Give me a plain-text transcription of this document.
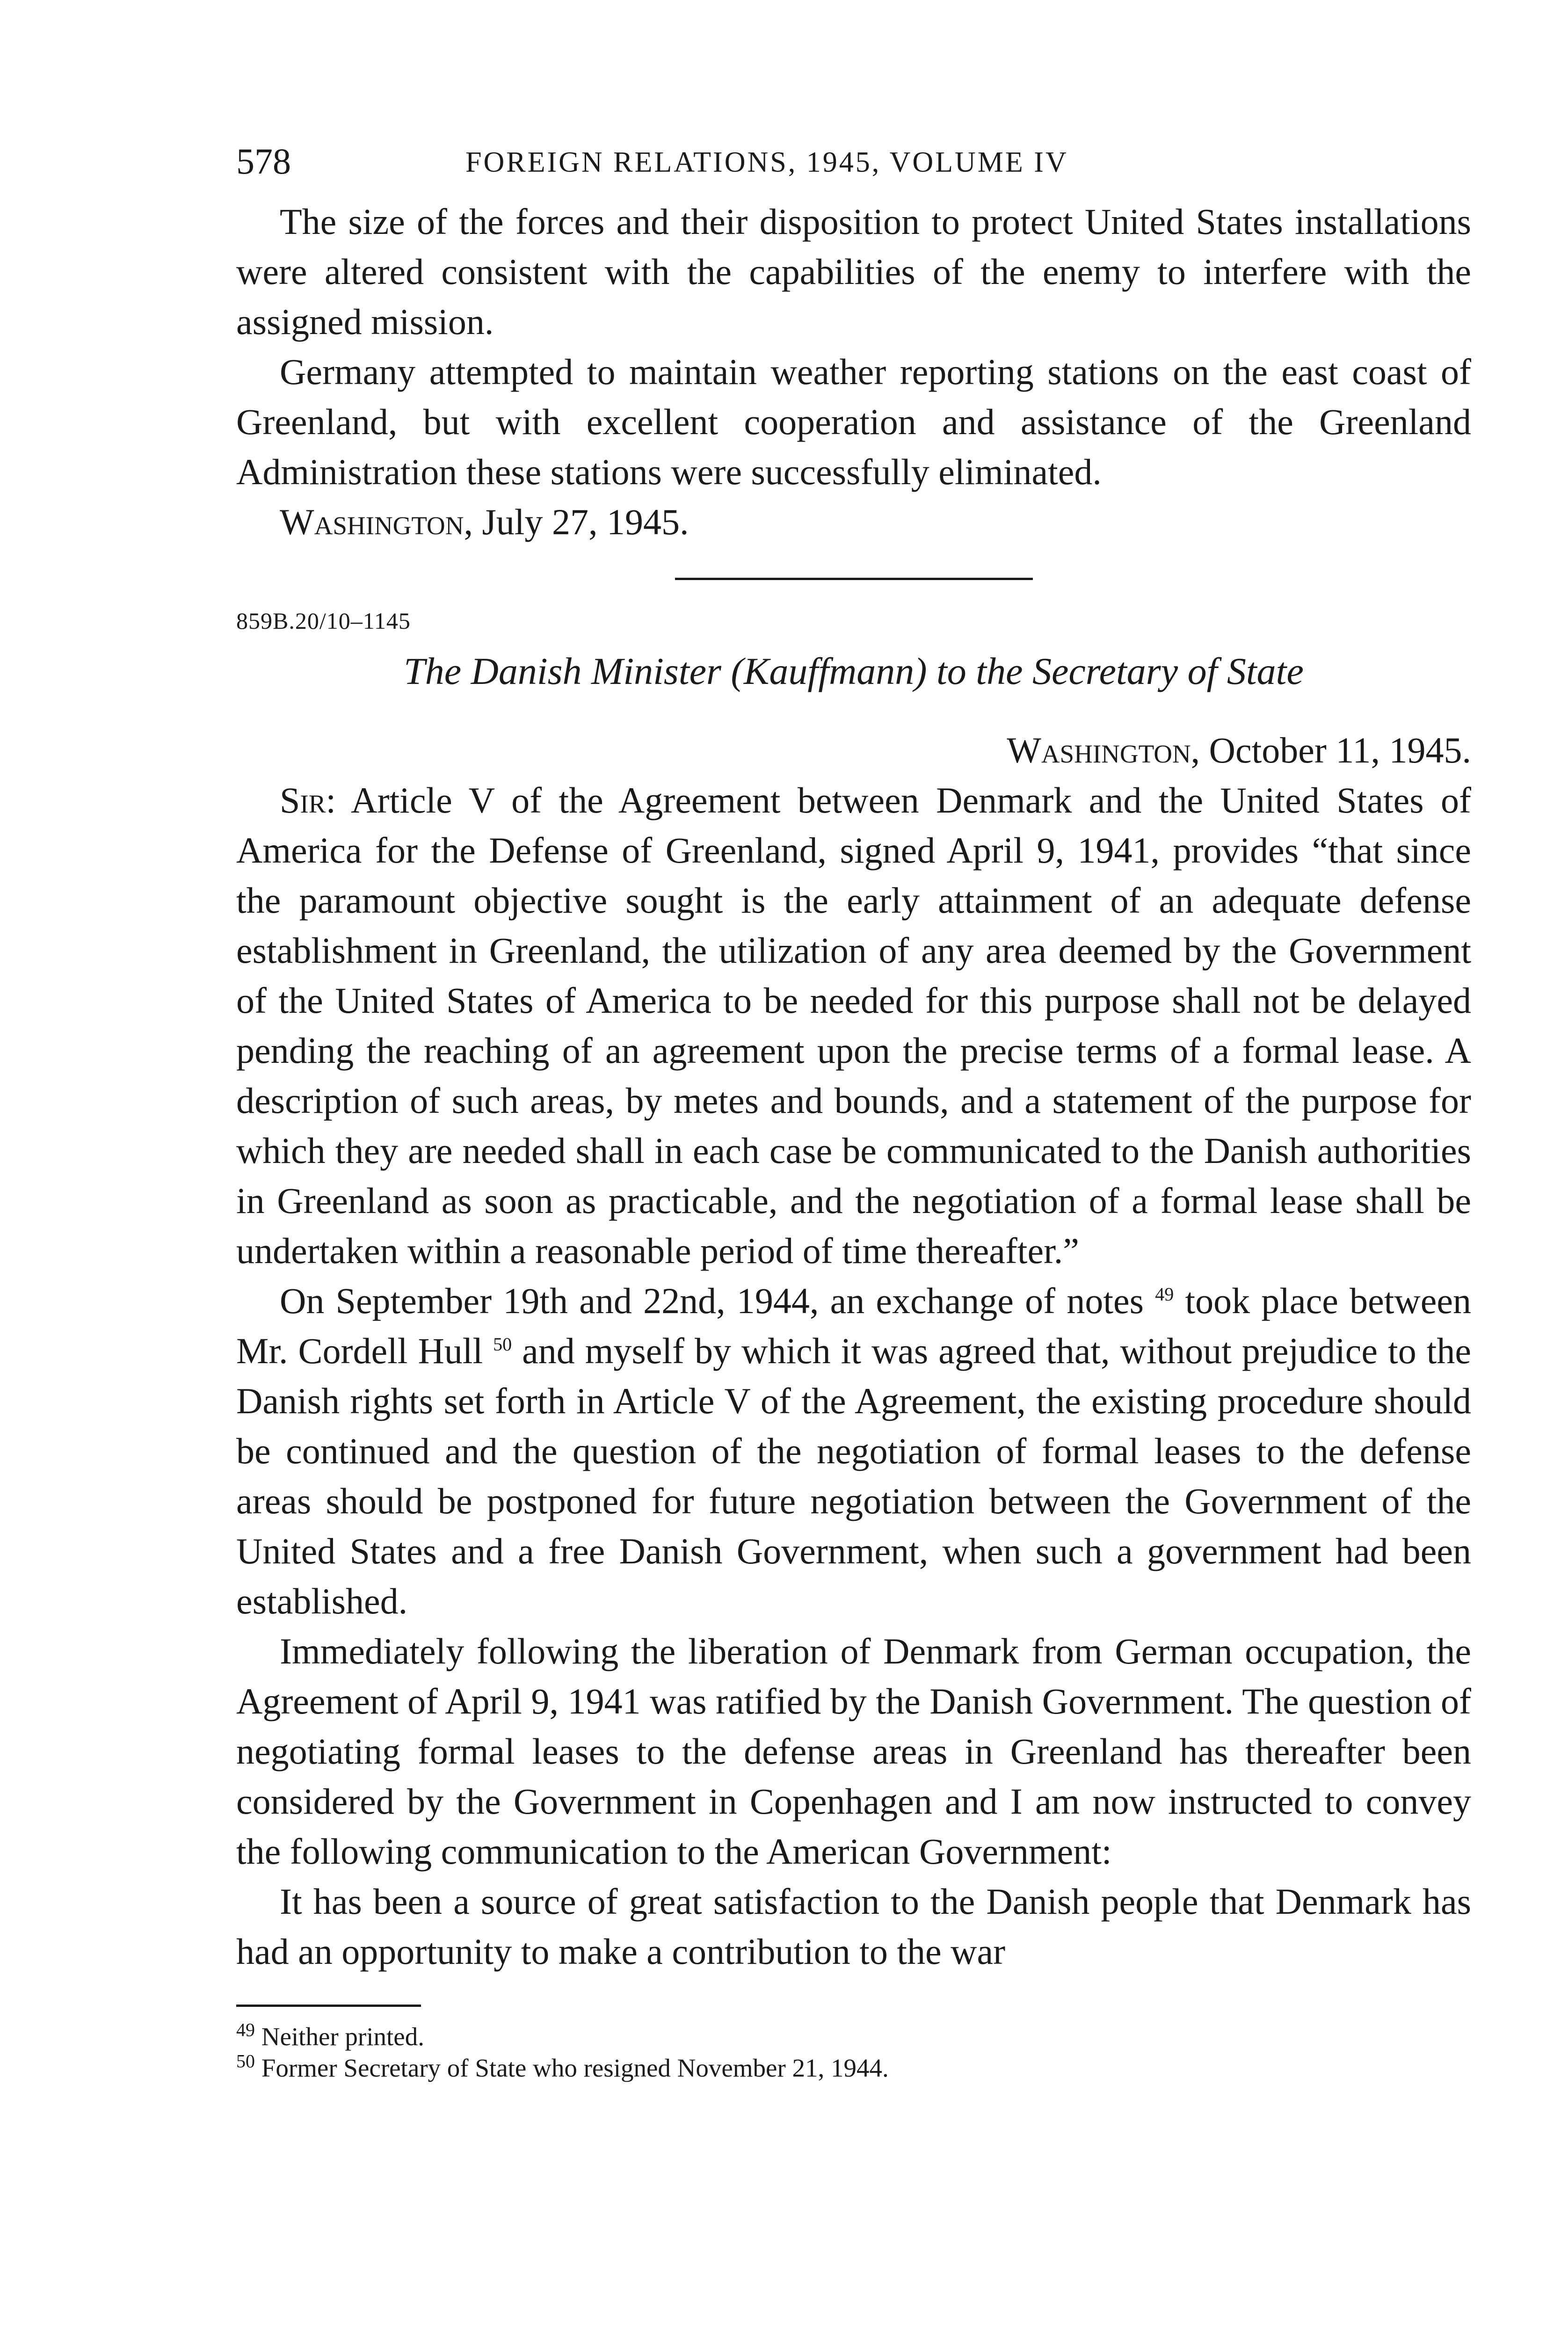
578	FOREIGN RELATIONS, 1945, VOLUME IV

The size of the forces and their disposition to protect United States installations were altered consistent with the capabilities of the enemy to interfere with the assigned mission.

Germany attempted to maintain weather reporting stations on the east coast of Greenland, but with excellent cooperation and assistance of the Greenland Administration these stations were successfully eliminated.

Washington, July 27, 1945.

859B.20/10–1145
The Danish Minister (Kauffmann) to the Secretary of State

Washington, October 11, 1945.

Sir: Article V of the Agreement between Denmark and the United States of America for the Defense of Greenland, signed April 9, 1941, provides “that since the paramount objective sought is the early attainment of an adequate defense establishment in Greenland, the utilization of any area deemed by the Government of the United States of America to be needed for this purpose shall not be delayed pending the reaching of an agreement upon the precise terms of a formal lease. A description of such areas, by metes and bounds, and a statement of the purpose for which they are needed shall in each case be communicated to the Danish authorities in Greenland as soon as practicable, and the negotiation of a formal lease shall be undertaken within a reasonable period of time thereafter.”

On September 19th and 22nd, 1944, an exchange of notes $^{49}$ took place between Mr. Cordell Hull $^{50}$ and myself by which it was agreed that, without prejudice to the Danish rights set forth in Article V of the Agreement, the existing procedure should be continued and the question of the negotiation of formal leases to the defense areas should be postponed for future negotiation between the Government of the United States and a free Danish Government, when such a government had been established.

Immediately following the liberation of Denmark from German occupation, the Agreement of April 9, 1941 was ratified by the Danish Government. The question of negotiating formal leases to the defense areas in Greenland has thereafter been considered by the Government in Copenhagen and I am now instructed to convey the following communication to the American Government:

It has been a source of great satisfaction to the Danish people that Denmark has had an opportunity to make a contribution to the war

$^{49}$ Neither printed.
$^{50}$ Former Secretary of State who resigned November 21, 1944.
